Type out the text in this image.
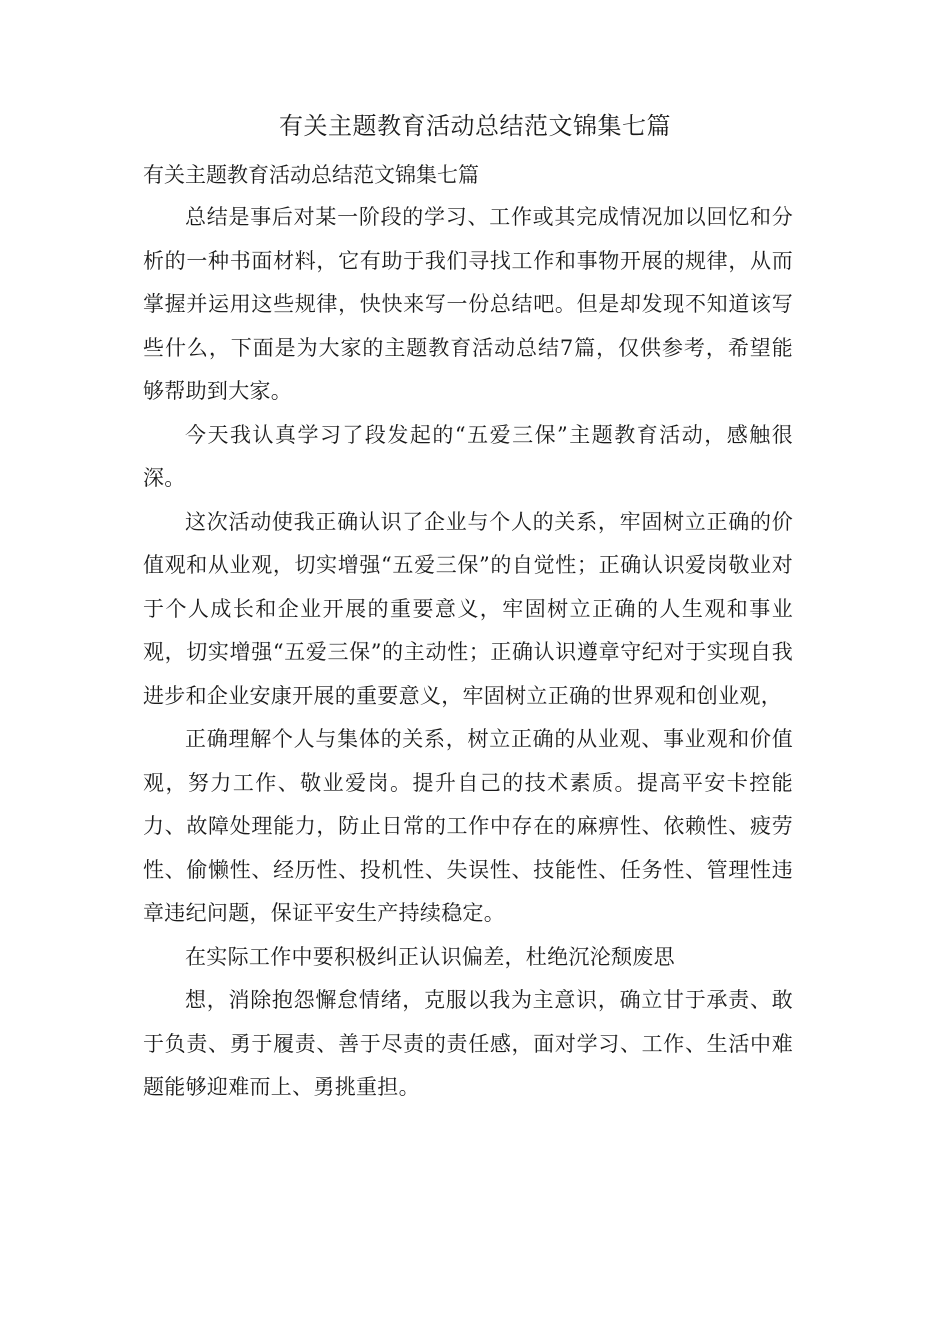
有关主题教育活动总结范文锦集七篇
有关主题教育活动总结范文锦集七篇

总结是事后对某一阶段的学习、工作或其完成情况加以回忆和分析的一种书面材料，它有助于我们寻找工作和事物开展的规律，从而掌握并运用这些规律，快快来写一份总结吧。但是却发现不知道该写些什么，下面是为大家的主题教育活动总结7篇，仅供参考，希望能够帮助到大家。

今天我认真学习了段发起的“五爱三保”主题教育活动，感触很深。

这次活动使我正确认识了企业与个人的关系，牢固树立正确的价值观和从业观，切实增强“五爱三保”的自觉性；正确认识爱岗敬业对于个人成长和企业开展的重要意义，牢固树立正确的人生观和事业观，切实增强“五爱三保”的主动性；正确认识遵章守纪对于实现自我进步和企业安康开展的重要意义，牢固树立正确的世界观和创业观，

正确理解个人与集体的关系，树立正确的从业观、事业观和价值观，努力工作、敬业爱岗。提升自己的技术素质。提高平安卡控能力、故障处理能力，防止日常的工作中存在的麻痹性、依赖性、疲劳性、偷懒性、经历性、投机性、失误性、技能性、任务性、管理性违章违纪问题，保证平安生产持续稳定。

在实际工作中要积极纠正认识偏差，杜绝沉沦颓废思

想，消除抱怨懈怠情绪，克服以我为主意识，确立甘于承责、敢于负责、勇于履责、善于尽责的责任感，面对学习、工作、生活中难题能够迎难而上、勇挑重担。
